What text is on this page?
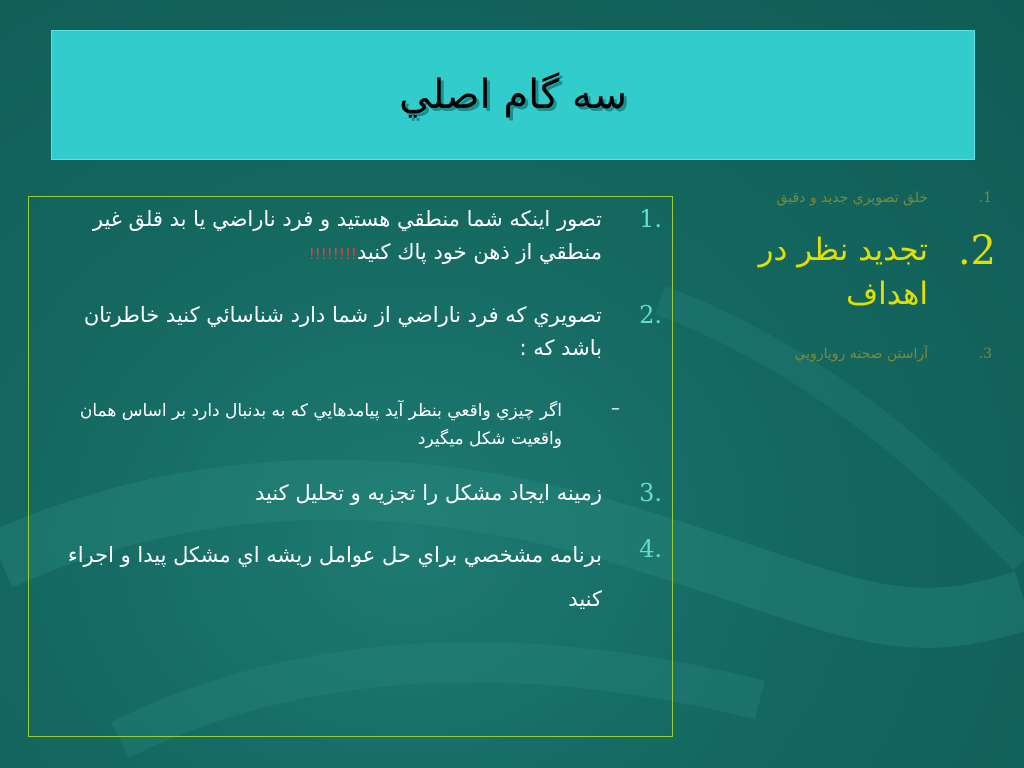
سه گام اصلي
1.
تصور اينكه شما منطقي هستيد و فرد ناراضي يا بد قلق غير منطقي از ذهن خود پاك كنيد!!!!!!!!
2.
تصويري كه فرد ناراضي از شما دارد شناسائي كنيد خاطرتان باشد كه :
–
اگر چيزي واقعي بنظر آيد پيامدهايي كه به بدنبال دارد بر اساس همان واقعيت شكل ميگيرد
3.
زمينه ايجاد مشكل را تجزيه و تحليل كنيد
4.
برنامه مشخصي براي حل عوامل ريشه اي مشكل پيدا و اجراء كنيد
1.
خلق تصويري جديد و دقيق
2.
تجديد نظر در اهداف
3.
آراستن صحنه رويارويي
